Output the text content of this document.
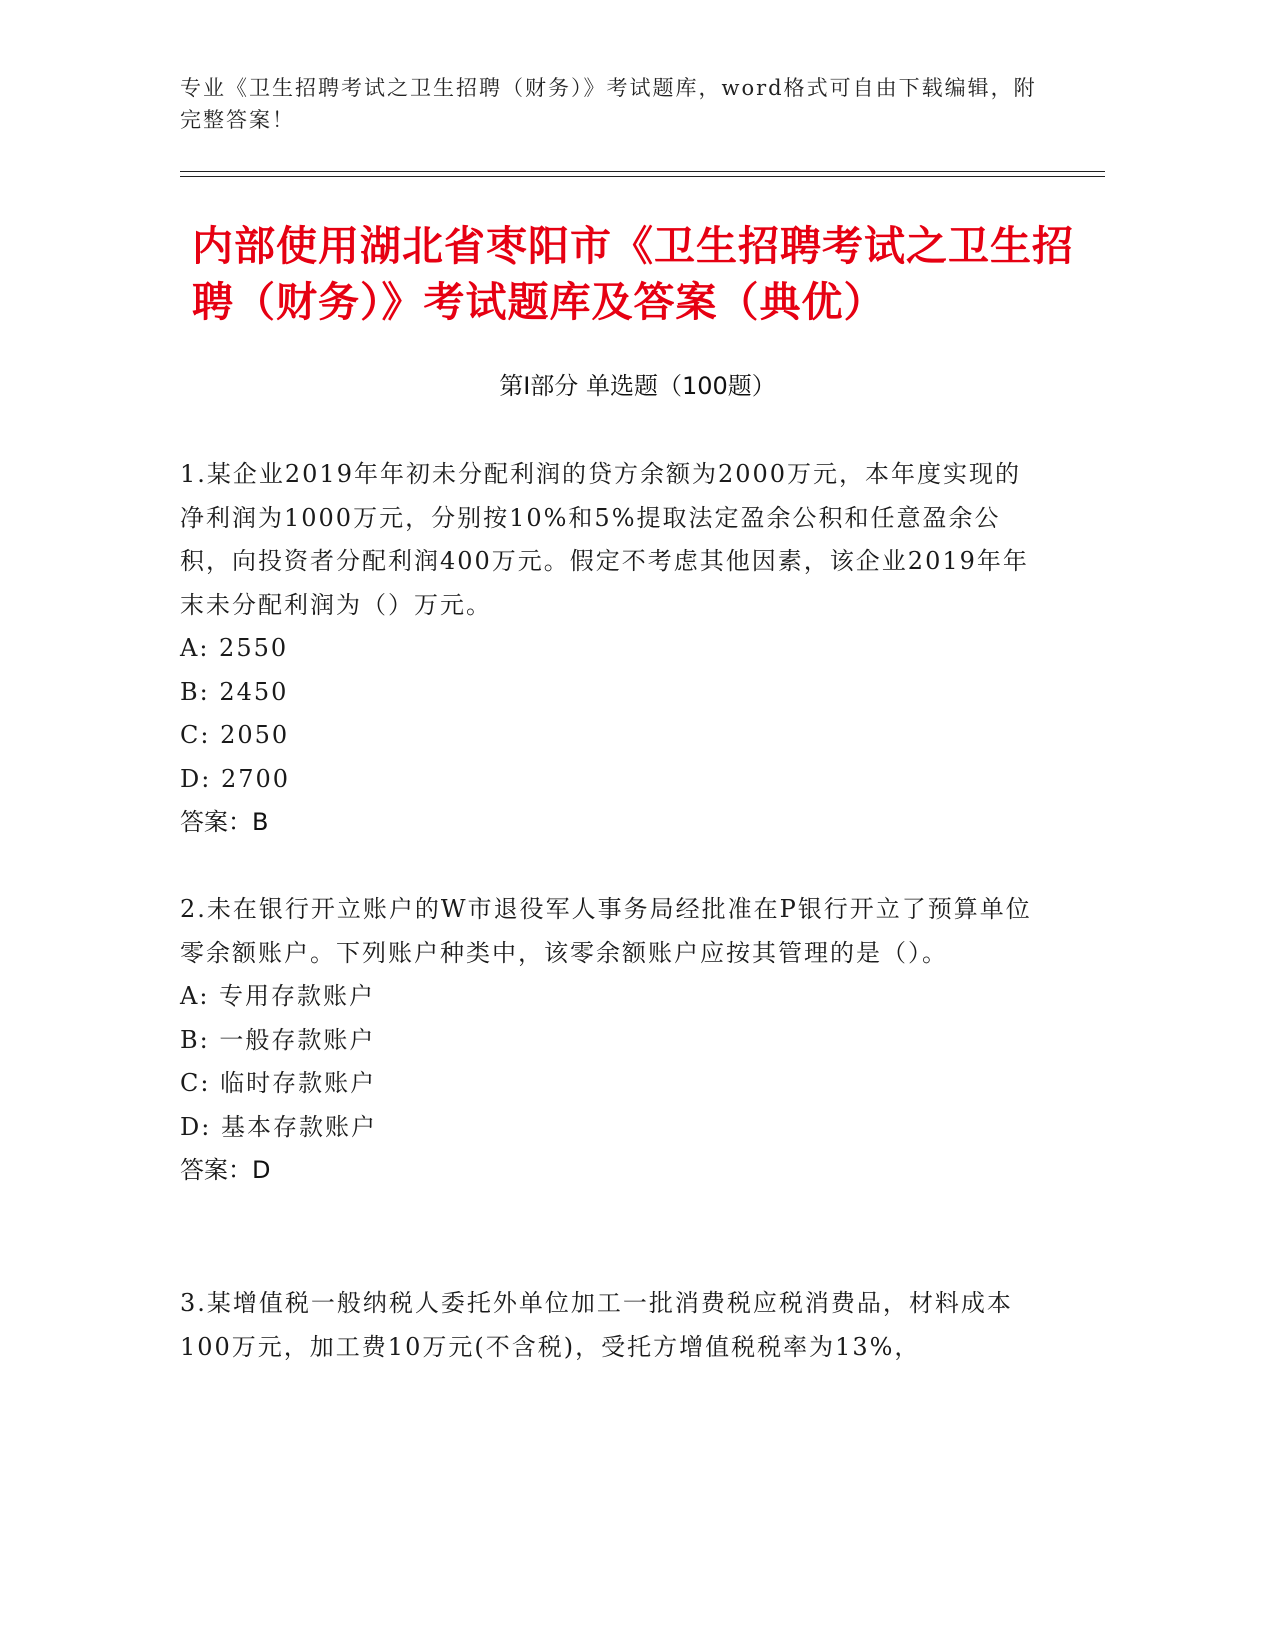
专业《卫生招聘考试之卫生招聘（财务）》考试题库，word格式可自由下载编辑，附完整答案！
内部使用湖北省枣阳市《卫生招聘考试之卫生招聘（财务）》考试题库及答案（典优）
第Ⅰ部分 单选题（100题）
1.某企业2019年年初未分配利润的贷方余额为2000万元，本年度实现的净利润为1000万元，分别按10%和5%提取法定盈余公积和任意盈余公积，向投资者分配利润400万元。假定不考虑其他因素，该企业2019年年末未分配利润为（）万元。
A: 2550
B: 2450
C: 2050
D: 2700
答案：B
2.未在银行开立账户的W市退役军人事务局经批准在P银行开立了预算单位零余额账户。下列账户种类中，该零余额账户应按其管理的是（）。
A: 专用存款账户
B: 一般存款账户
C: 临时存款账户
D: 基本存款账户
答案：D
3.某增值税一般纳税人委托外单位加工一批消费税应税消费品，材料成本100万元，加工费10万元(不含税)，受托方增值税税率为13%，
